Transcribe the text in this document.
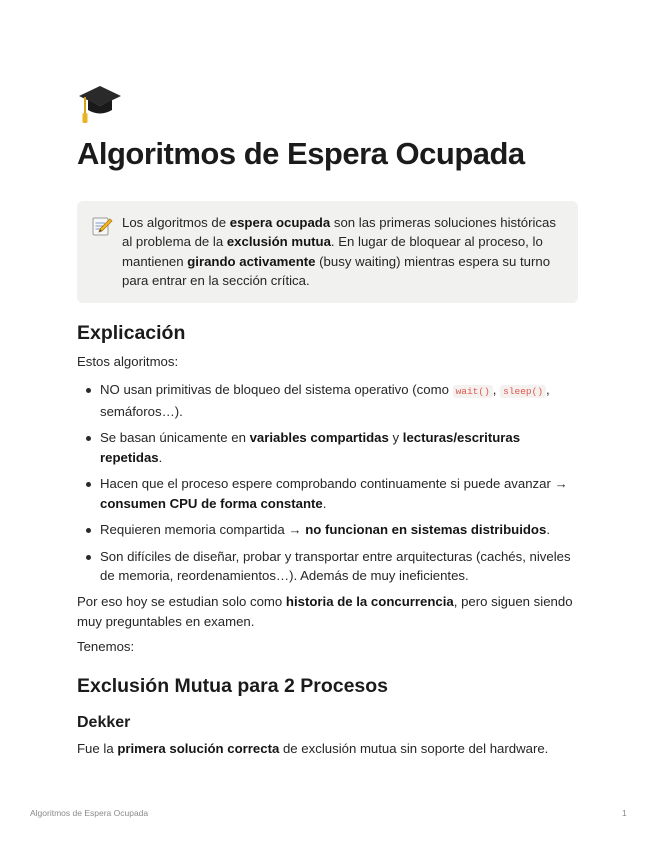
Algoritmos de Espera Ocupada
Los algoritmos de espera ocupada son las primeras soluciones históricas al problema de la exclusión mutua. En lugar de bloquear al proceso, lo mantienen girando activamente (busy waiting) mientras espera su turno para entrar en la sección crítica.
Explicación

Estos algoritmos:

NO usan primitivas de bloqueo del sistema operativo (como wait() , sleep() , semáforos…).
Se basan únicamente en variables compartidas y lecturas/escrituras repetidas.
Hacen que el proceso espere comprobando continuamente si puede avanzar → consumen CPU de forma constante.
Requieren memoria compartida → no funcionan en sistemas distribuidos.
Son difíciles de diseñar, probar y transportar entre arquitecturas (cachés, niveles de memoria, reordenamientos…). Además de muy ineficientes.

Por eso hoy se estudian solo como historia de la concurrencia, pero siguen siendo muy preguntables en examen.

Tenemos:

Exclusión Mutua para 2 Procesos
Dekker

Fue la primera solución correcta de exclusión mutua sin soporte del hardware.

Algoritmos de Espera Ocupada	1
